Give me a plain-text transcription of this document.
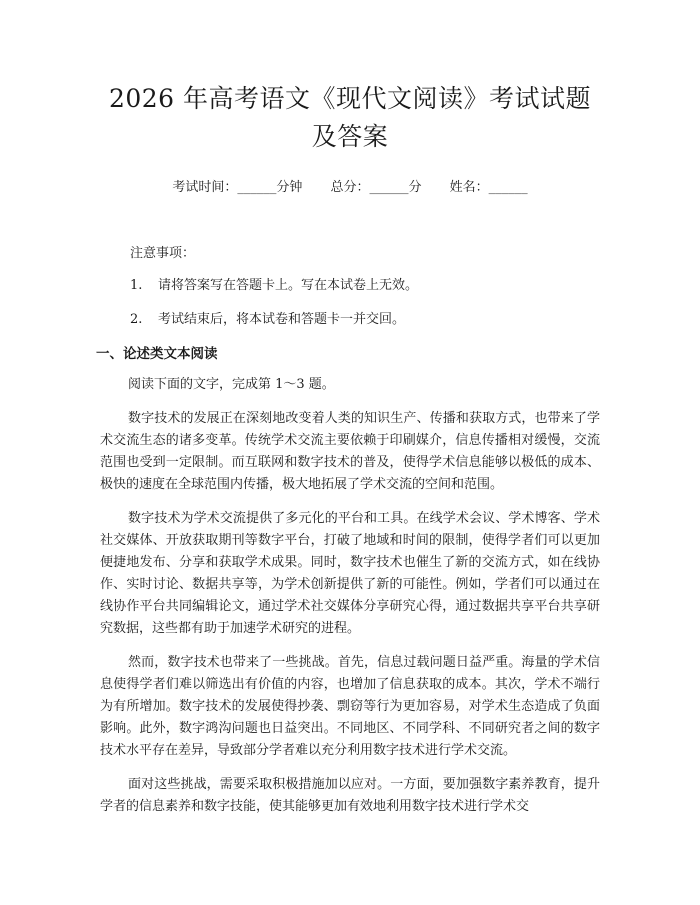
2026 年高考语文《现代文阅读》考试试题及答案
考试时间：______分钟 总分：______分 姓名：______
注意事项：
1.	请将答案写在答题卡上。写在本试卷上无效。
2.	考试结束后，将本试卷和答题卡一并交回。
一、论述类文本阅读

阅读下面的文字，完成第 1～3 题。

数字技术的发展正在深刻地改变着人类的知识生产、传播和获取方式，也带来了学术交流生态的诸多变革。传统学术交流主要依赖于印刷媒介，信息传播相对缓慢，交流范围也受到一定限制。而互联网和数字技术的普及，使得学术信息能够以极低的成本、极快的速度在全球范围内传播，极大地拓展了学术交流的空间和范围。

数字技术为学术交流提供了多元化的平台和工具。在线学术会议、学术博客、学术社交媒体、开放获取期刊等数字平台，打破了地域和时间的限制，使得学者们可以更加便捷地发布、分享和获取学术成果。同时，数字技术也催生了新的交流方式，如在线协作、实时讨论、数据共享等，为学术创新提供了新的可能性。例如，学者们可以通过在线协作平台共同编辑论文，通过学术社交媒体分享研究心得，通过数据共享平台共享研究数据，这些都有助于加速学术研究的进程。

然而，数字技术也带来了一些挑战。首先，信息过载问题日益严重。海量的学术信息使得学者们难以筛选出有价值的内容，也增加了信息获取的成本。其次，学术不端行为有所增加。数字技术的发展使得抄袭、剽窃等行为更加容易，对学术生态造成了负面影响。此外，数字鸿沟问题也日益突出。不同地区、不同学科、不同研究者之间的数字技术水平存在差异，导致部分学者难以充分利用数字技术进行学术交流。

面对这些挑战，需要采取积极措施加以应对。一方面，要加强数字素养教育，提升学者的信息素养和数字技能，使其能够更加有效地利用数字技术进行学术交
